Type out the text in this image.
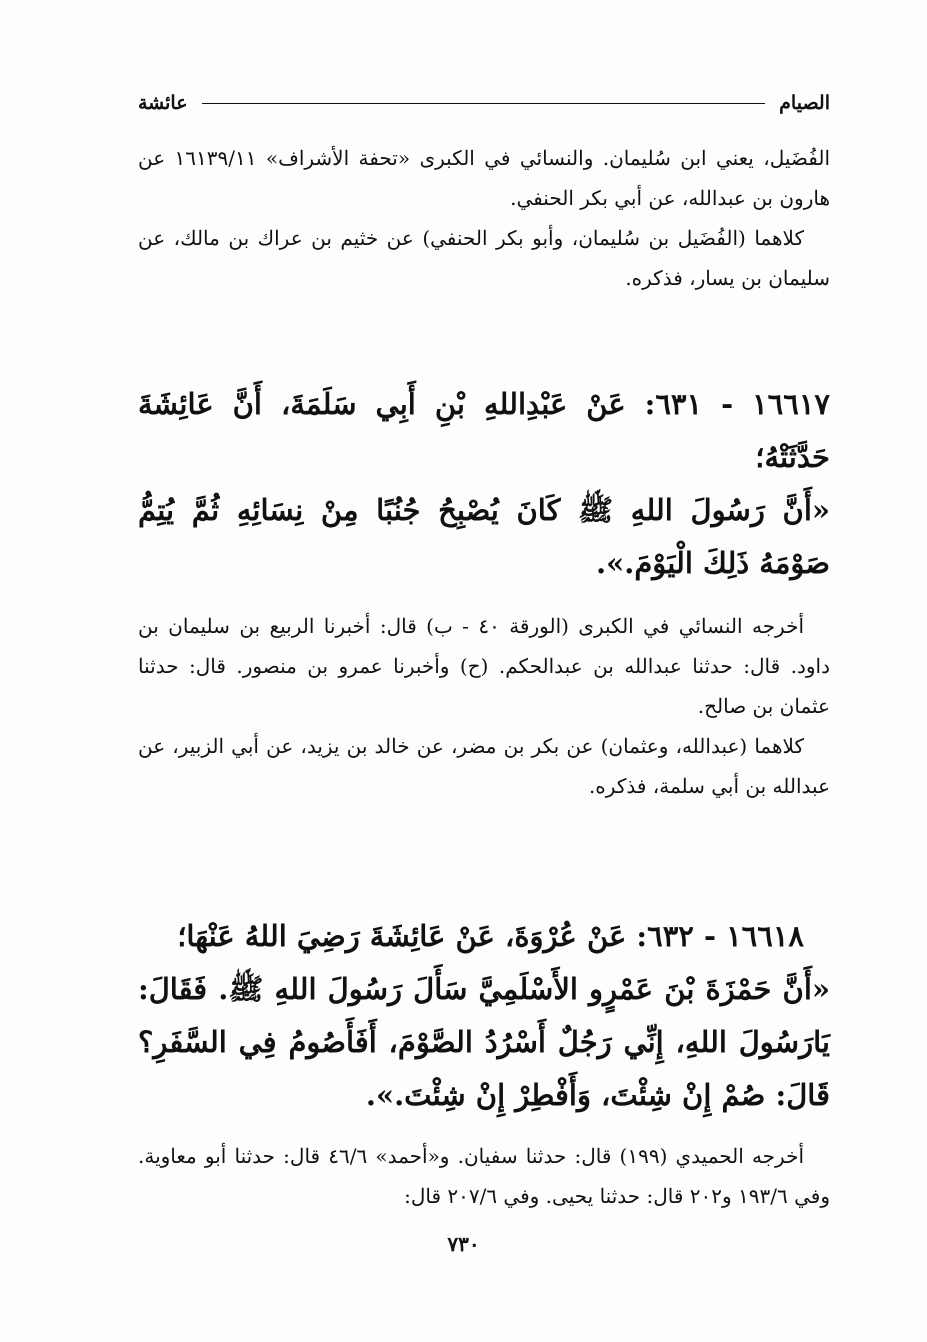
الصيام
عائشة

الفُضَيل، يعني ابن سُليمان. والنسائي في الكبرى «تحفة الأشراف» ١٦١٣٩/١١ عن هارون بن عبدالله، عن أبي بكر الحنفي.

كلاهما (الفُضَيل بن سُليمان، وأبو بكر الحنفي) عن خثيم بن عراك بن مالك، عن سليمان بن يسار، فذكره.

١٦٦١٧ - ٦٣١: عَنْ عَبْدِاللهِ بْنِ أَبِي سَلَمَةَ، أَنَّ عَائِشَةَ حَدَّثَتْهُ؛

«أَنَّ رَسُولَ اللهِ ﷺ كَانَ يُصْبِحُ جُنُبًا مِنْ نِسَائِهِ ثُمَّ يُتِمُّ صَوْمَهُ ذَلِكَ الْيَوْمَ.».

أخرجه النسائي في الكبرى (الورقة ٤٠ - ب) قال: أخبرنا الربيع بن سليمان بن داود. قال: حدثنا عبدالله بن عبدالحكم. (ح) وأخبرنا عمرو بن منصور. قال: حدثنا عثمان بن صالح.

كلاهما (عبدالله، وعثمان) عن بكر بن مضر، عن خالد بن يزيد، عن أبي الزبير، عن عبدالله بن أبي سلمة، فذكره.

١٦٦١٨ - ٦٣٢: عَنْ عُرْوَةَ، عَنْ عَائِشَةَ رَضِيَ اللهُ عَنْهَا؛

«أَنَّ حَمْزَةَ بْنَ عَمْرٍو الأَسْلَمِيَّ سَأَلَ رَسُولَ اللهِ ﷺ. فَقَالَ: يَارَسُولَ اللهِ، إِنِّي رَجُلٌ أَسْرُدُ الصَّوْمَ، أَفَأَصُومُ فِي السَّفَرِ؟ قَالَ: صُمْ إِنْ شِئْتَ، وَأَفْطِرْ إِنْ شِئْتَ.».

أخرجه الحميدي (١٩٩) قال: حدثنا سفيان. و«أحمد» ٤٦/٦ قال: حدثنا أبو معاوية. وفي ١٩٣/٦ و٢٠٢ قال: حدثنا يحيى. وفي ٢٠٧/٦ قال:

٧٣٠
